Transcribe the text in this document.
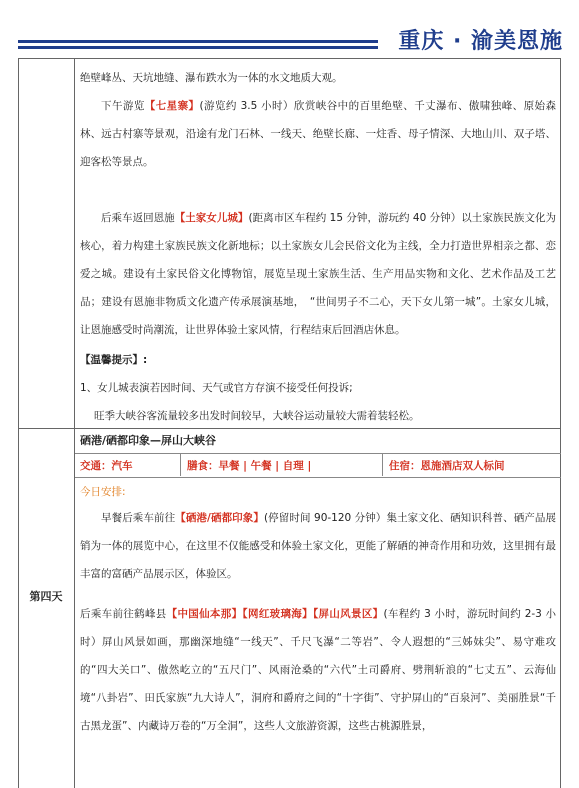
重庆 · 渝美恩施
绝壁峰丛、天坑地缝、瀑布跌水为一体的水文地质大观。
下午游览【七星寨】(游览约 3.5 小时）欣赏峡谷中的百里绝壁、千丈瀑布、傲啸独峰、原始森林、远古村寨等景观，沿途有龙门石林、一线天、绝壁长廊、一炷香、母子情深、大地山川、双子塔、迎客松等景点。
后乘车返回恩施【土家女儿城】(距离市区车程约 15 分钟，游玩约 40 分钟）以土家族民族文化为核心，着力构建土家族民族文化新地标；以土家族女儿会民俗文化为主线，全力打造世界相亲之都、恋爱之城。建设有土家民俗文化博物馆，展览呈现土家族生活、生产用品实物和文化、艺术作品及工艺品；建设有恩施非物质文化遗产传承展演基地，　“世间男子不二心，天下女儿第一城”。土家女儿城，让恩施感受时尚潮流，让世界体验土家风情，行程结束后回酒店休息。
【温馨提示】:
1、女儿城表演若因时间、天气或官方存演不接受任何投诉;
旺季大峡谷客流量较多出发时间较早，大峡谷运动量较大需着装轻松。
第四天
硒港/硒都印象—屏山大峡谷
交通：汽车	膳食：早餐 | 午餐 | 自理 |	住宿：恩施酒店双人标间
今日安排:
早餐后乘车前往【硒港/硒都印象】(停留时间 90-120 分钟）集土家文化、硒知识科普、硒产品展销为一体的展览中心，在这里不仅能感受和体验土家文化，更能了解硒的神奇作用和功效，这里拥有最丰富的富硒产品展示区，体验区。
后乘车前往鹤峰县【中国仙本那】【网红玻璃海】【屏山风景区】(车程约 3 小时，游玩时间约 2-3 小时）屏山风景如画，那幽深地缝“一线天”、千尺飞瀑“二等岩”、令人遐想的“三姊妹尖”、易守难攻的“四大关口”、傲然屹立的“五尺门”、风雨沧桑的“六代”土司爵府、劈荆斩浪的“七丈五”、云海仙境“八卦岩”、田氏家族“九大诗人”，洞府和爵府之间的“十字街”、守护屏山的“百泉河”、美丽胜景“千古黑龙蛋”、内藏诗万卷的“万全洞”，这些人文旅游资源，这些古桃源胜景，
